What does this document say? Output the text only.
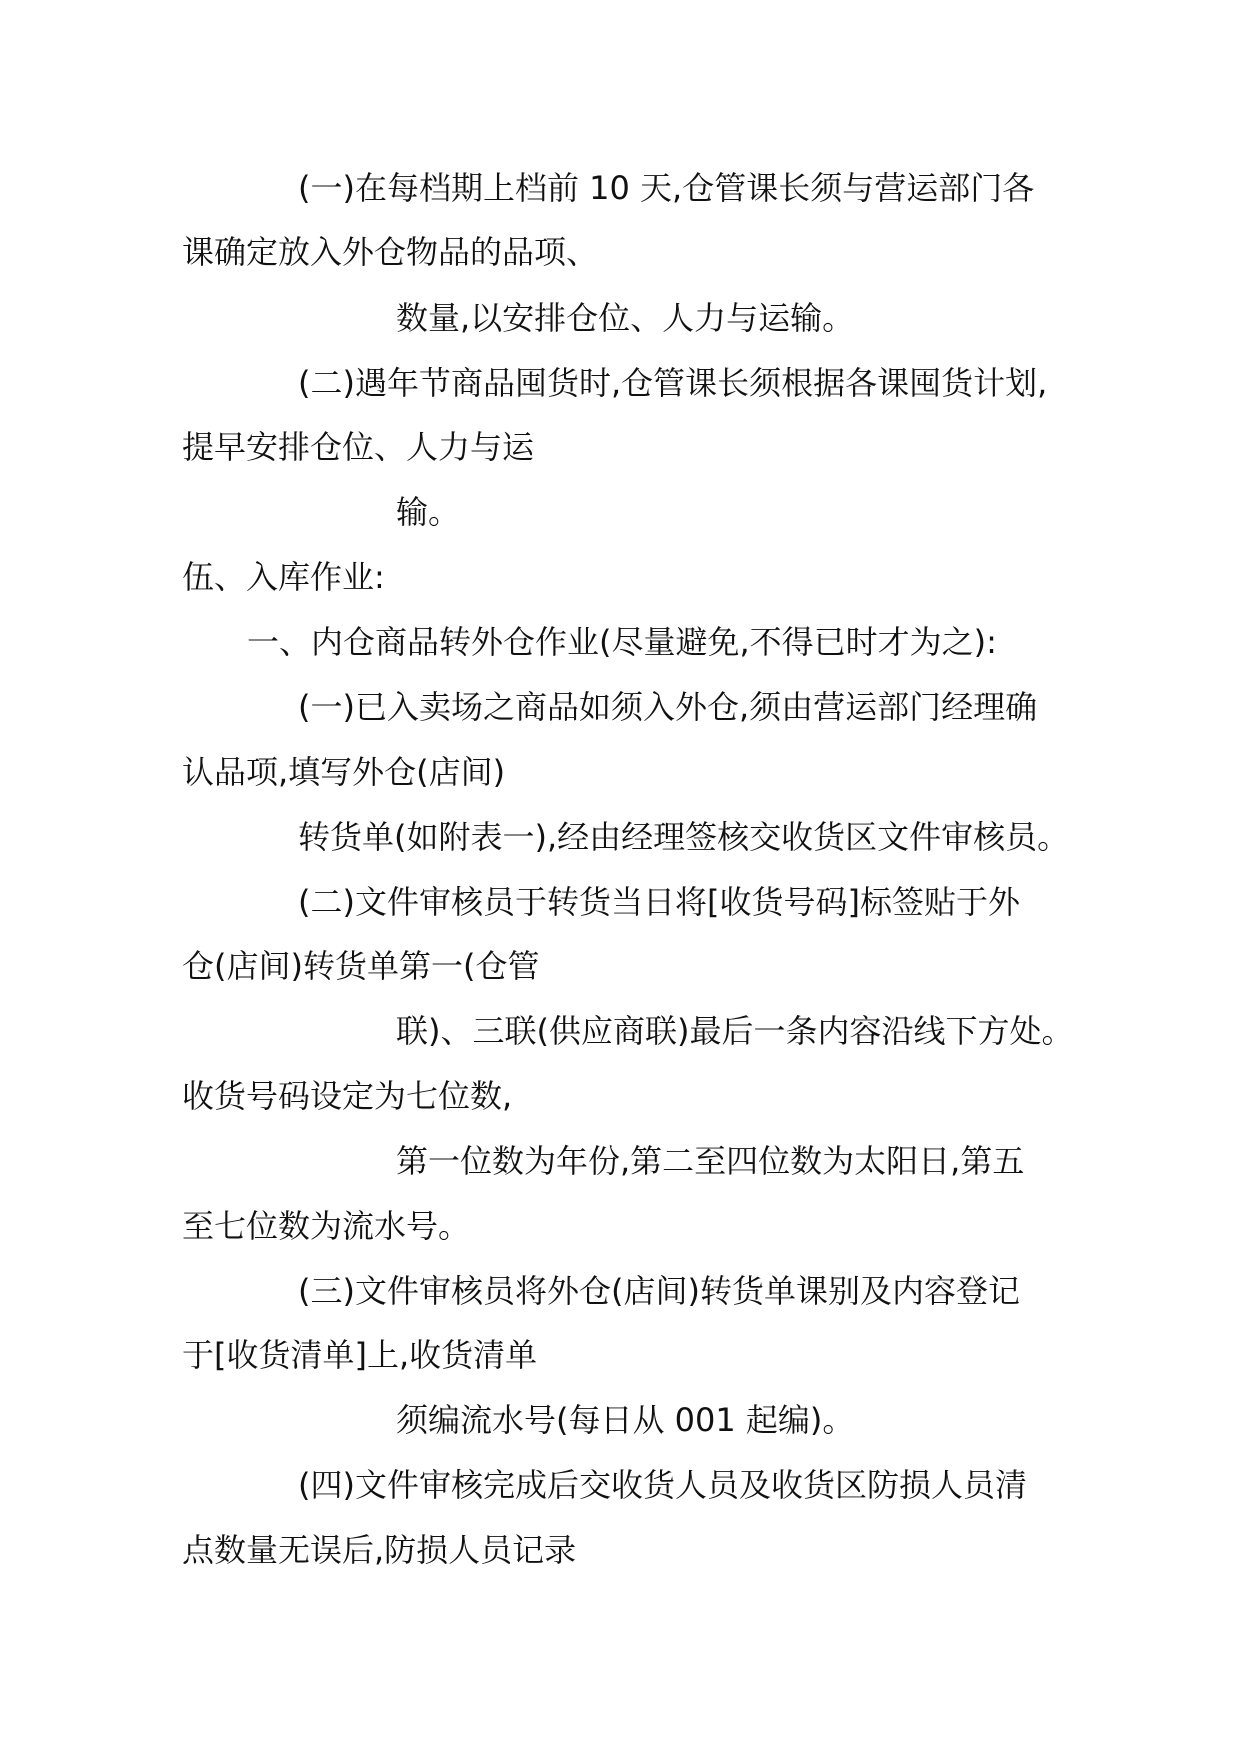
(一)在每档期上档前 10 天,仓管课长须与营运部门各
课确定放入外仓物品的品项、
数量,以安排仓位、人力与运输。
(二)遇年节商品囤货时,仓管课长须根据各课囤货计划,
提早安排仓位、人力与运
输。
伍、入库作业:
一、内仓商品转外仓作业(尽量避免,不得已时才为之):
(一)已入卖场之商品如须入外仓,须由营运部门经理确
认品项,填写外仓(店间)
转货单(如附表一),经由经理签核交收货区文件审核员。
(二)文件审核员于转货当日将[收货号码]标签贴于外
仓(店间)转货单第一(仓管
联)、三联(供应商联)最后一条内容沿线下方处。
收货号码设定为七位数,
第一位数为年份,第二至四位数为太阳日,第五
至七位数为流水号。
(三)文件审核员将外仓(店间)转货单课别及内容登记
于[收货清单]上,收货清单
须编流水号(每日从 001 起编)。
(四)文件审核完成后交收货人员及收货区防损人员清
点数量无误后,防损人员记录
